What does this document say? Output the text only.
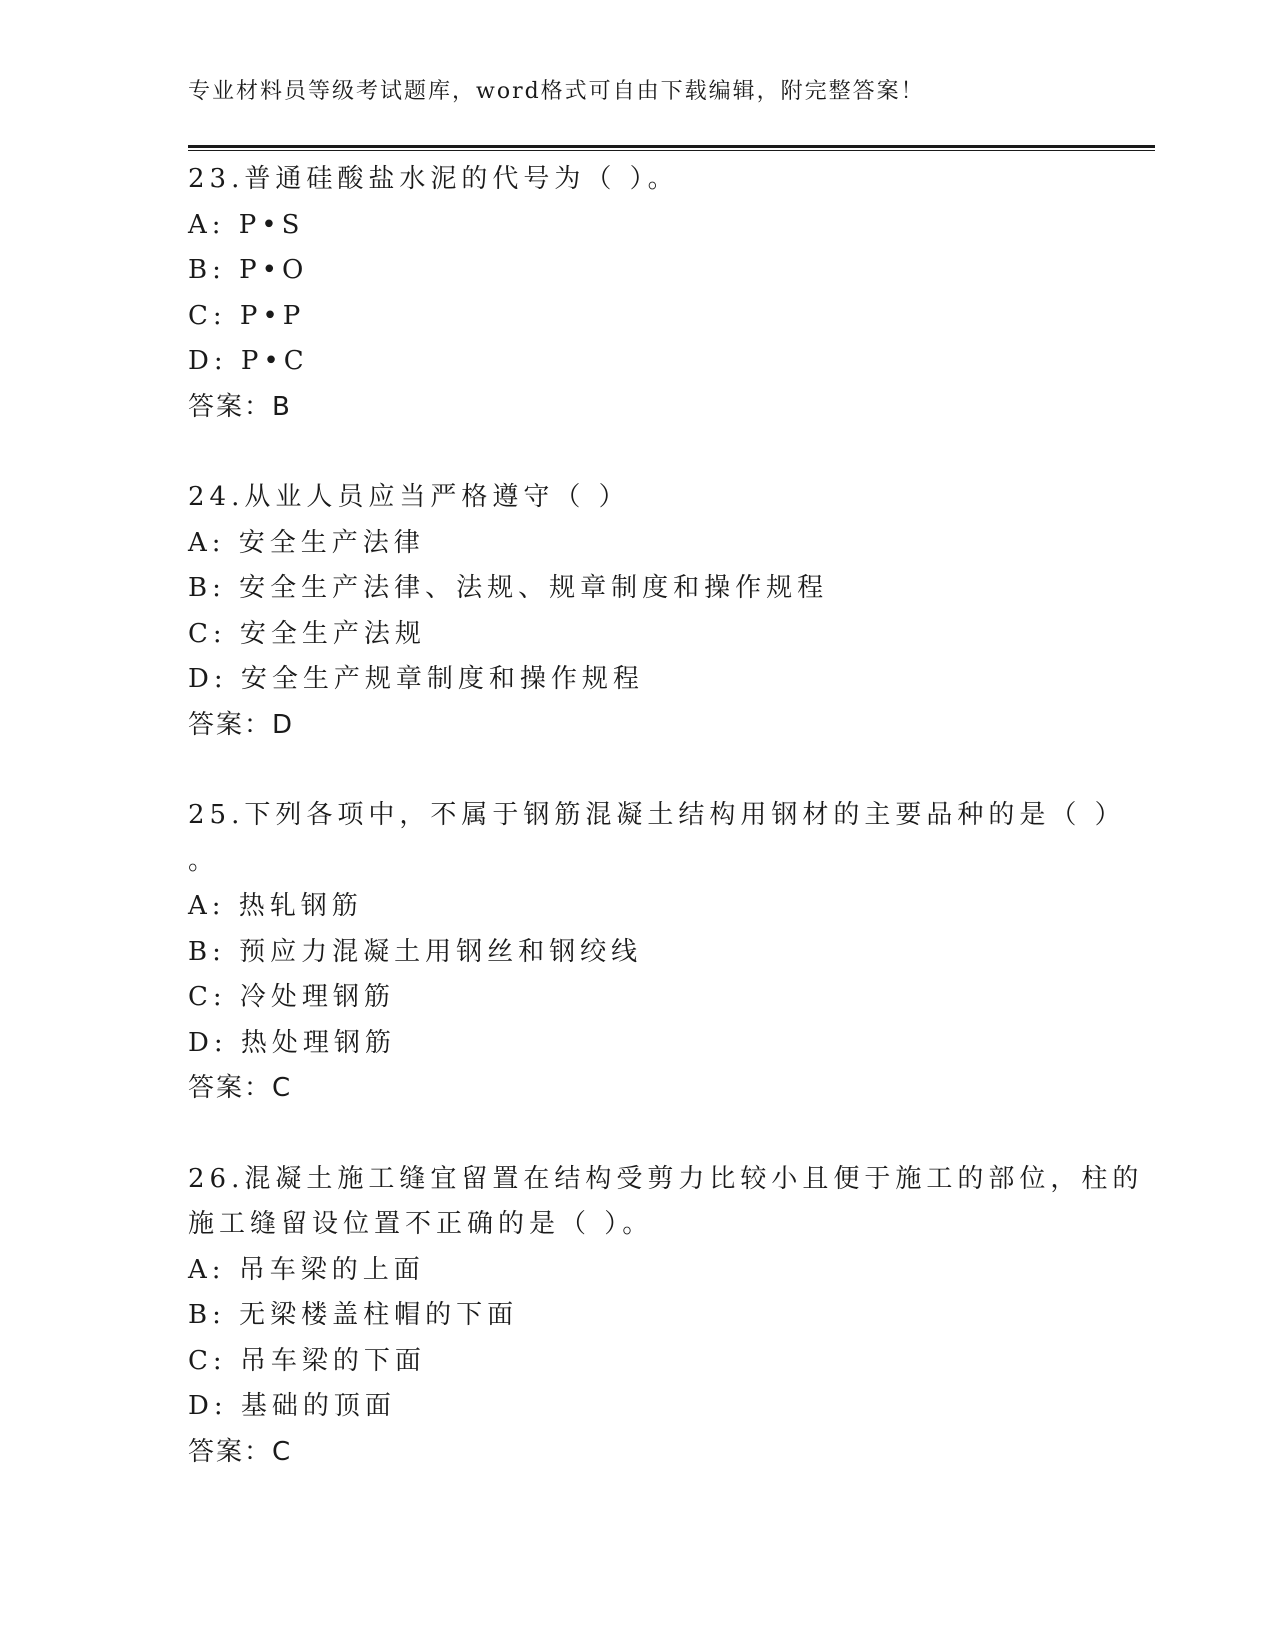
专业材料员等级考试题库，word格式可自由下载编辑，附完整答案！
23.普通硅酸盐水泥的代号为（ ）。
A: P•S
B: P•O
C: P•P
D: P•C
答案：B
24.从业人员应当严格遵守（ ）
A: 安全生产法律
B: 安全生产法律、法规、规章制度和操作规程
C: 安全生产法规
D: 安全生产规章制度和操作规程
答案：D
25.下列各项中，不属于钢筋混凝土结构用钢材的主要品种的是（ ）
。
A: 热轧钢筋
B: 预应力混凝土用钢丝和钢绞线
C: 冷处理钢筋
D: 热处理钢筋
答案：C
26.混凝土施工缝宜留置在结构受剪力比较小且便于施工的部位，柱的
施工缝留设位置不正确的是（ ）。
A: 吊车梁的上面
B: 无梁楼盖柱帽的下面
C: 吊车梁的下面
D: 基础的顶面
答案：C
